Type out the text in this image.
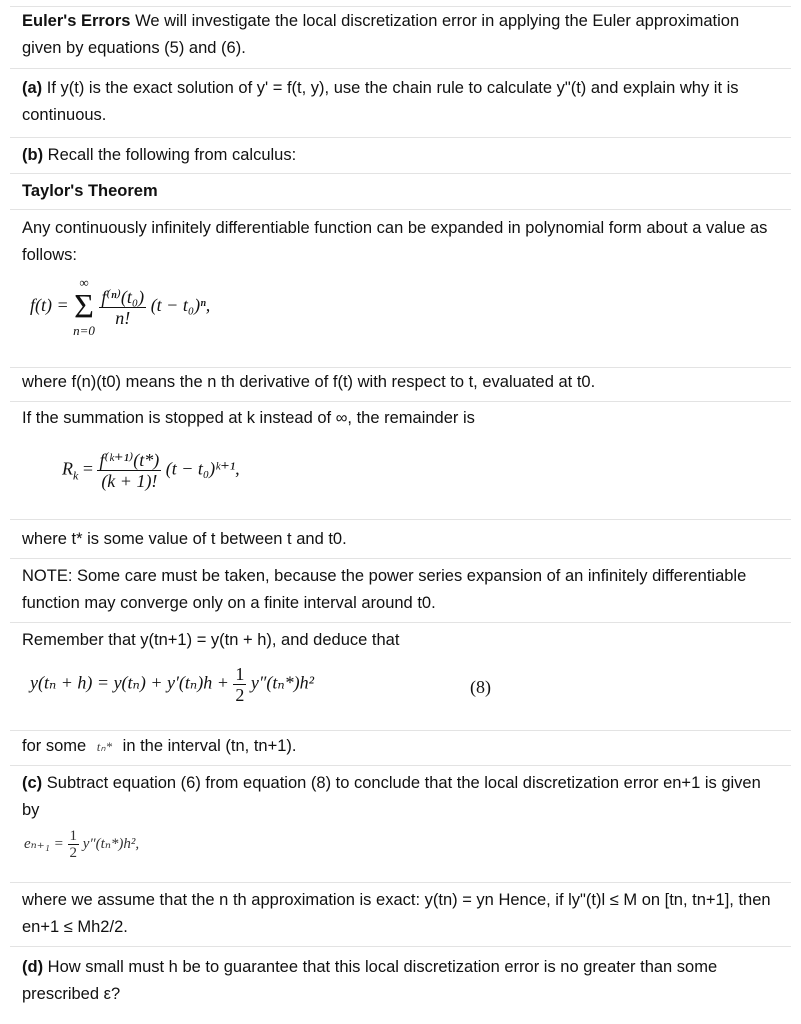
Euler's Errors We will investigate the local discretization error in applying the Euler approximation given by equations (5) and (6).

(a) If y(t) is the exact solution of y' = f(t, y), use the chain rule to calculate y"(t) and explain why it is continuous.

(b) Recall the following from calculus:

Taylor's Theorem

Any continuously infinitely differentiable function can be expanded in polynomial form about a value as follows:

f(t) =
∞
Σ
n=0

$\frac{\text{f⁽ⁿ⁾(t₀)}}{n!} (t - t_0)^n$,

where f(n)(t0) means the n th derivative of f(t) with respect to t, evaluated at t0.

If the summation is stopped at k instead of ∞, the remainder is

$R_k = \frac{\text{f⁽ᵏ⁺¹⁾(t*)}}{(k + 1)!} (t$ − t₀)ᵏ⁺¹,

where t* is some value of t between t and t0.

NOTE: Some care must be taken, because the power series expansion of an infinitely differentiable function may converge only on a finite interval around t0.

Remember that y(tn+1) = y(tn + h), and deduce that

$y(t_n + h) = y(t_n) + y'(t_n)h + \frac{1}{2} y''(t_n*)h^2$	(8)

for some tₙ* in the interval (tn, tn+1).

(c) Subtract equation (6) from equation (8) to conclude that the local discretization error en+1 is given by

$e_{n+1} = \frac{1}{2} y''(t_n*)h^2$,

where we assume that the n th approximation is exact: y(tn) = yn Hence, if ly"(t)l ≤ M on [tn, tn+1], then en+1 ≤ Mh2/2.

(d) How small must h be to guarantee that this local discretization error is no greater than some prescribed ε?
